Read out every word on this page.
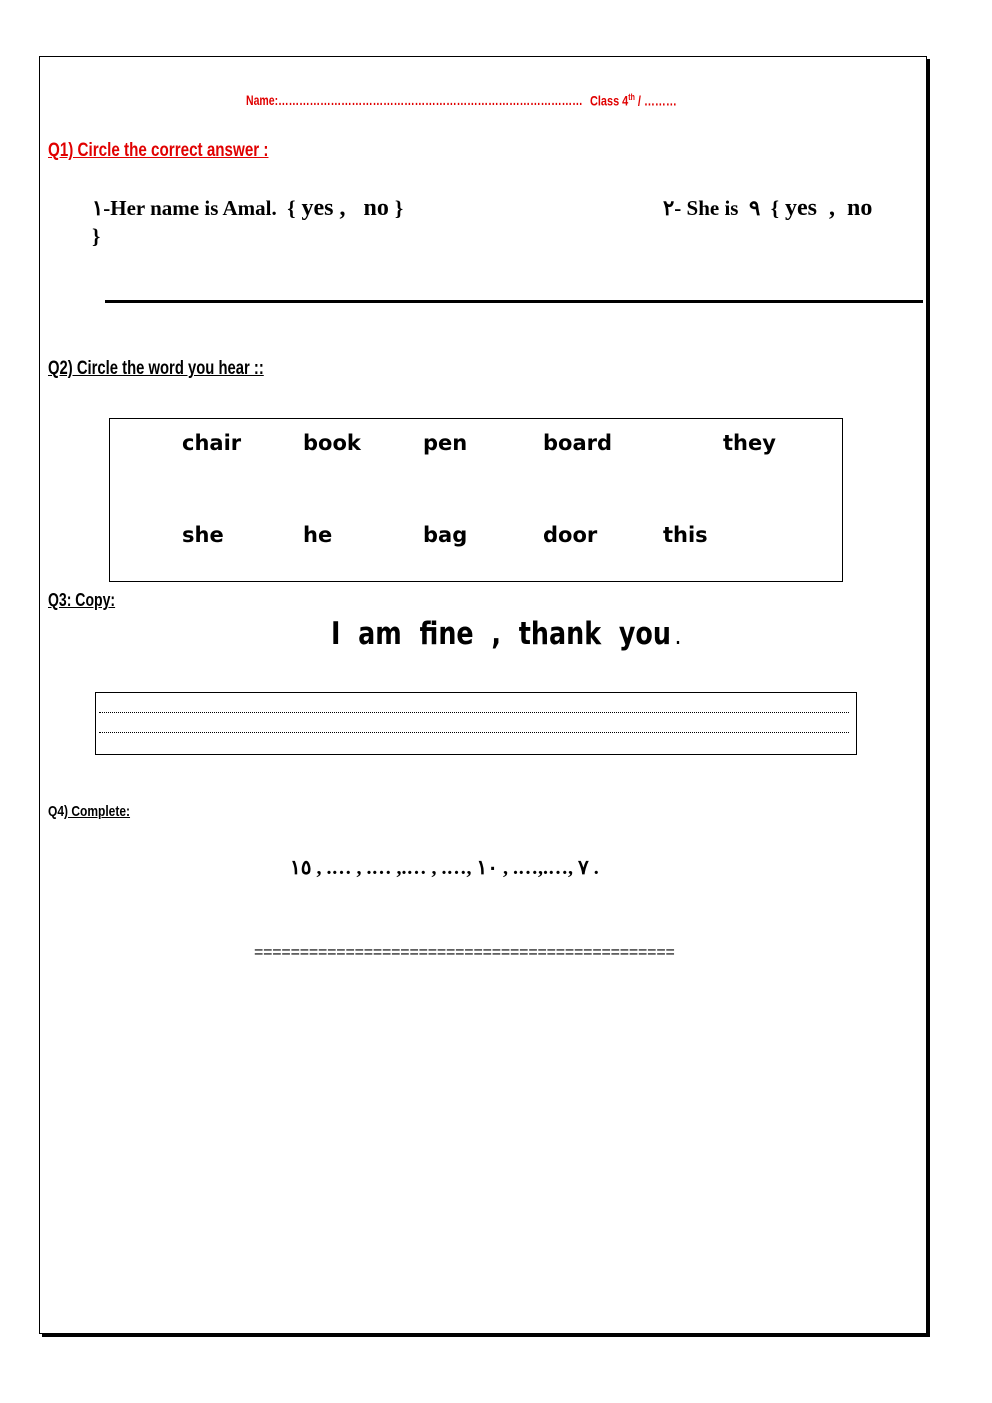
Name:…………………………………………………………………………… Class 4th / ………
Q1) Circle the correct answer :
١-Her name is Amal.  { yes ,   no }	٢- She is  ٩  { yes  ,  no
}
Q2) Circle the word you hear ::
chair	book	pen	board	they
she	he	bag	door	this
Q3: Copy:
I  am  fine  ,  thank  you .
Q4) Complete:
٧ ,….,…. , ١٠ ,…. , …., …. , …. , ١٥ .
==============================================
